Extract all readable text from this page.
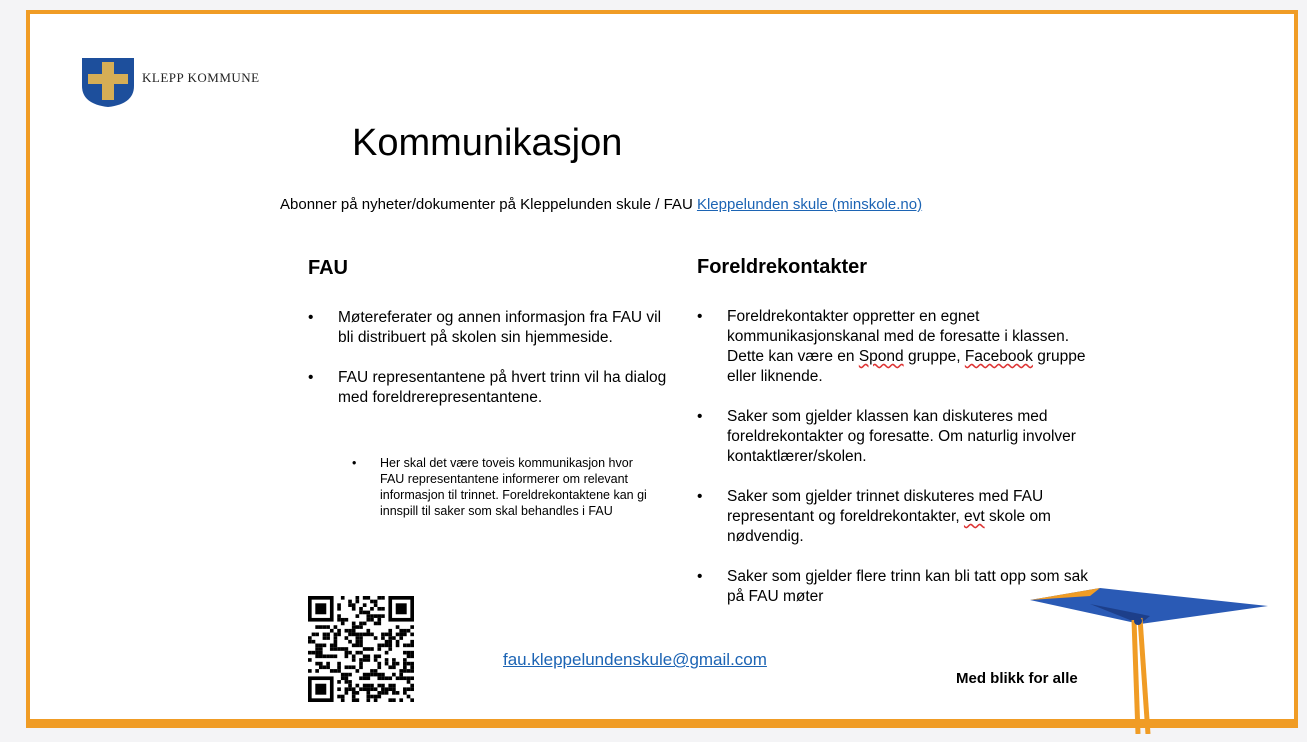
KLEPP KOMMUNE
Kommunikasjon
Abonner på nyheter/dokumenter på Kleppelunden skule / FAU Kleppelunden skule (minskole.no)
FAU
• Møtereferater og annen informasjon fra FAU vil bli distribuert på skolen sin hjemmeside.
• FAU representantene på hvert trinn vil ha dialog med foreldrerepresentantene.
• Her skal det være toveis kommunikasjon hvor FAU representantene informerer om relevant informasjon til trinnet. Foreldrekontaktene kan gi innspill til saker som skal behandles i FAU
Foreldrekontakter
• Foreldrekontakter oppretter en egnet kommunikasjonskanal med de foresatte i klassen. Dette kan være en Spond gruppe, Facebook gruppe eller liknende.
• Saker som gjelder klassen kan diskuteres med foreldrekontakter og foresatte. Om naturlig involver kontaktlærer/skolen.
• Saker som gjelder trinnet diskuteres med FAU representant og foreldrekontakter, evt skole om nødvendig.
• Saker som gjelder flere trinn kan bli tatt opp som sak på FAU møter
fau.kleppelundenskule@gmail.com
Med blikk for alle
